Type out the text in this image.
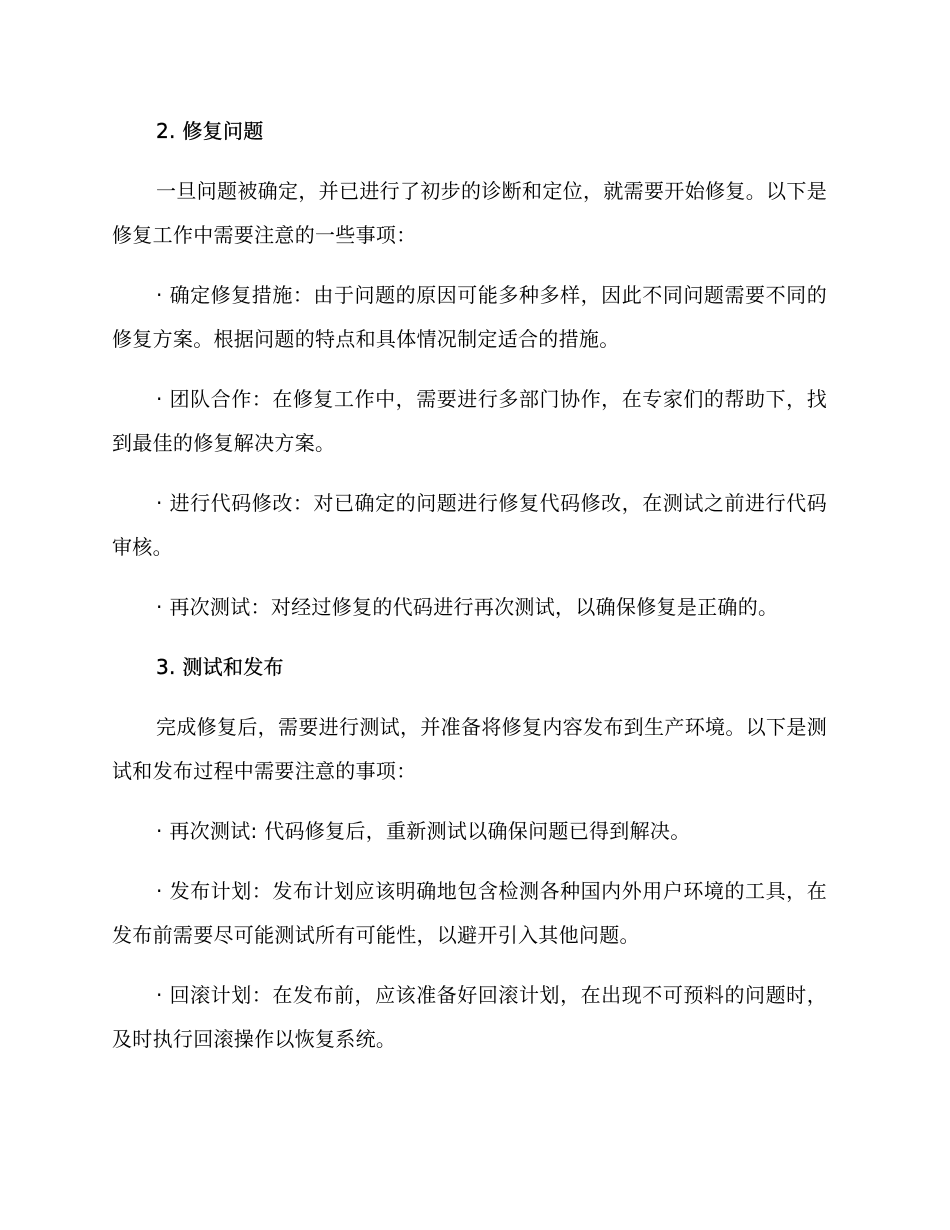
2. 修复问题

一旦问题被确定，并已进行了初步的诊断和定位，就需要开始修复。以下是修复工作中需要注意的一些事项：

· 确定修复措施：由于问题的原因可能多种多样，因此不同问题需要不同的修复方案。根据问题的特点和具体情况制定适合的措施。

· 团队合作：在修复工作中，需要进行多部门协作，在专家们的帮助下，找到最佳的修复解决方案。

· 进行代码修改：对已确定的问题进行修复代码修改，在测试之前进行代码审核。

· 再次测试：对经过修复的代码进行再次测试，以确保修复是正确的。

3. 测试和发布

完成修复后，需要进行测试，并准备将修复内容发布到生产环境。以下是测试和发布过程中需要注意的事项：

· 再次测试: 代码修复后，重新测试以确保问题已得到解决。

· 发布计划：发布计划应该明确地包含检测各种国内外用户环境的工具，在发布前需要尽可能测试所有可能性，以避开引入其他问题。

· 回滚计划：在发布前，应该准备好回滚计划，在出现不可预料的问题时，及时执行回滚操作以恢复系统。
